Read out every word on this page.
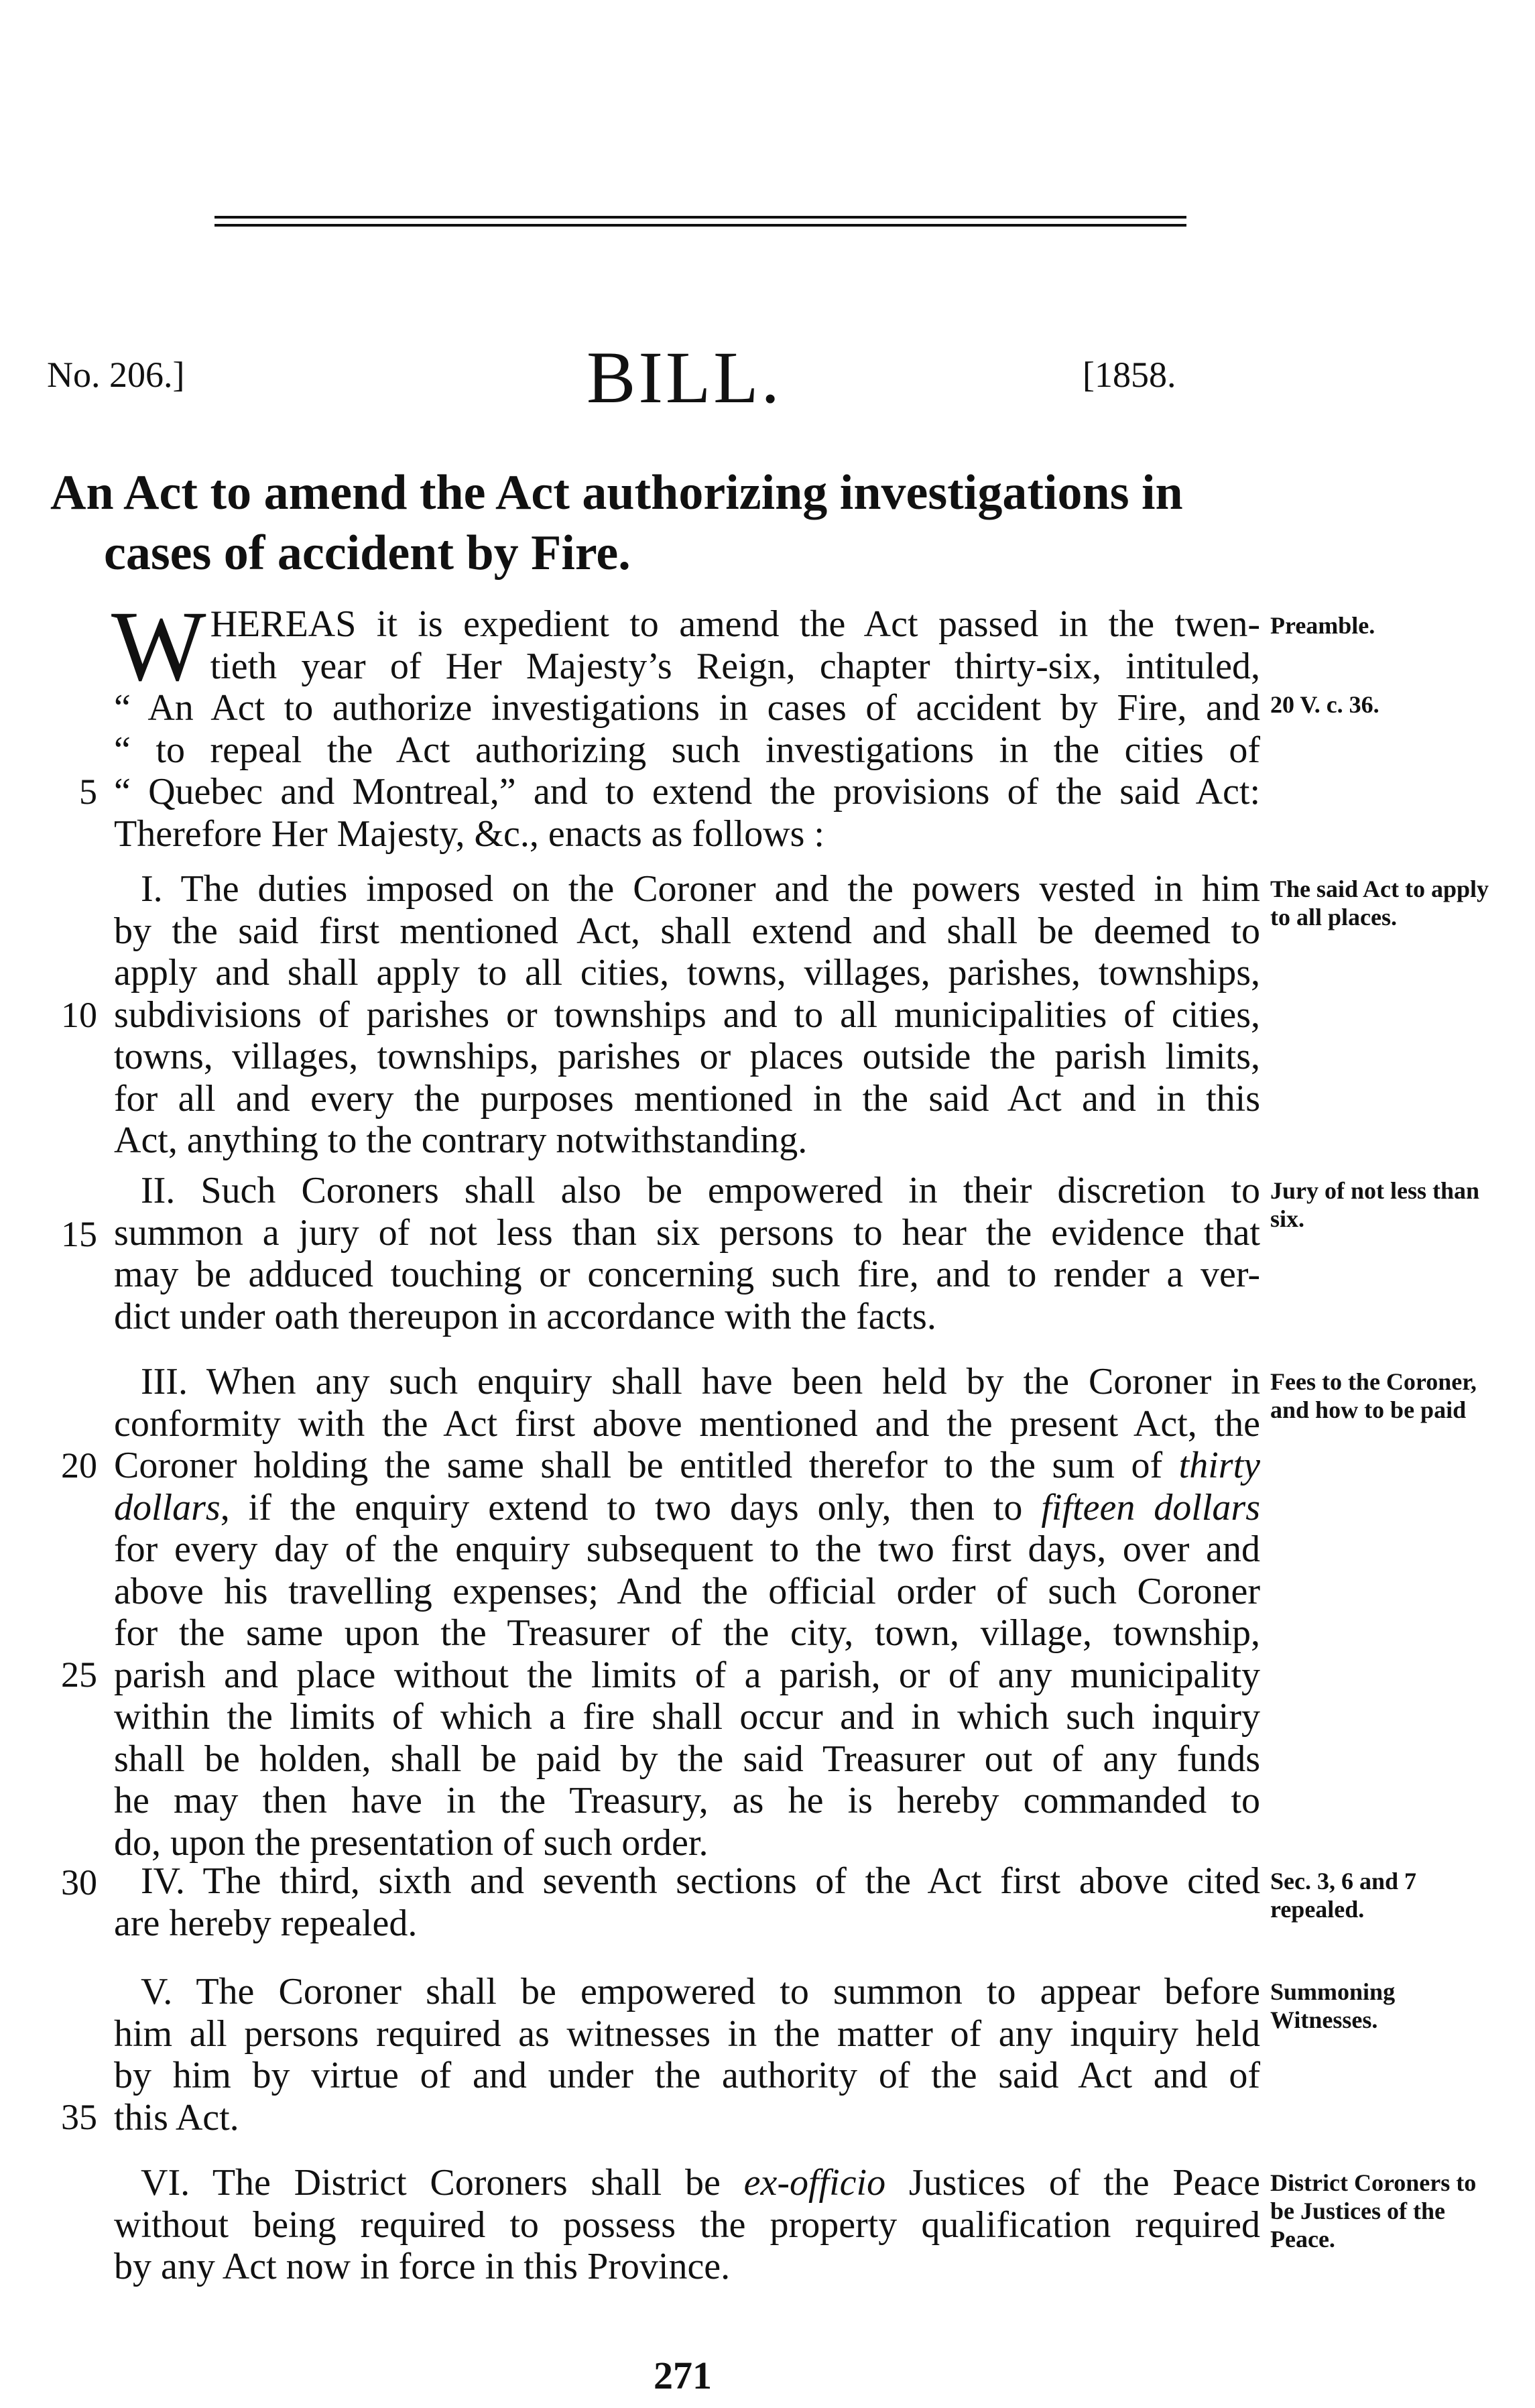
No. 206.]	BILL.	[1858.
An Act to amend the Act authorizing investigations in
cases of accident by Fire.
W HEREAS it is expedient to amend the Act passed in the twen-
tieth year of Her Majesty’s Reign, chapter thirty-six, intituled,
“ An Act to authorize investigations in cases of accident by Fire, and
“ to repeal the Act authorizing such investigations in the cities of
“ Quebec and Montreal,” and to extend the provisions of the said Act:
Therefore Her Majesty, &c., enacts as follows :
I. The duties imposed on the Coroner and the powers vested in him
by the said first mentioned Act, shall extend and shall be deemed to
apply and shall apply to all cities, towns, villages, parishes, townships,
subdivisions of parishes or townships and to all municipalities of cities,
towns, villages, townships, parishes or places outside the parish limits,
for all and every the purposes mentioned in the said Act and in this
Act, anything to the contrary notwithstanding.
II. Such Coroners shall also be empowered in their discretion to
summon a jury of not less than six persons to hear the evidence that
may be adduced touching or concerning such fire, and to render a ver-
dict under oath thereupon in accordance with the facts.
III. When any such enquiry shall have been held by the Coroner in
conformity with the Act first above mentioned and the present Act, the
Coroner holding the same shall be entitled therefor to the sum of thirty
dollars, if the enquiry extend to two days only, then to fifteen dollars
for every day of the enquiry subsequent to the two first days, over and
above his travelling expenses; And the official order of such Coroner
for the same upon the Treasurer of the city, town, village, township,
parish and place without the limits of a parish, or of any municipality
within the limits of which a fire shall occur and in which such inquiry
shall be holden, shall be paid by the said Treasurer out of any funds
he may then have in the Treasury, as he is hereby commanded to
do, upon the presentation of such order.
IV. The third, sixth and seventh sections of the Act first above cited
are hereby repealed.
V. The Coroner shall be empowered to summon to appear before
him all persons required as witnesses in the matter of any inquiry held
by him by virtue of and under the authority of the said Act and of
this Act.
VI. The District Coroners shall be ex-officio Justices of the Peace
without being required to possess the property qualification required
by any Act now in force in this Province.
5
10
15
20
25
30
35
Preamble.
20 V. c. 36.
The said Act to apply to all places.
Jury of not less than six.
Fees to the Coroner, and how to be paid
Sec. 3, 6 and 7 repealed.
Summoning Witnesses.
District Coroners to be Justices of the Peace.
271
